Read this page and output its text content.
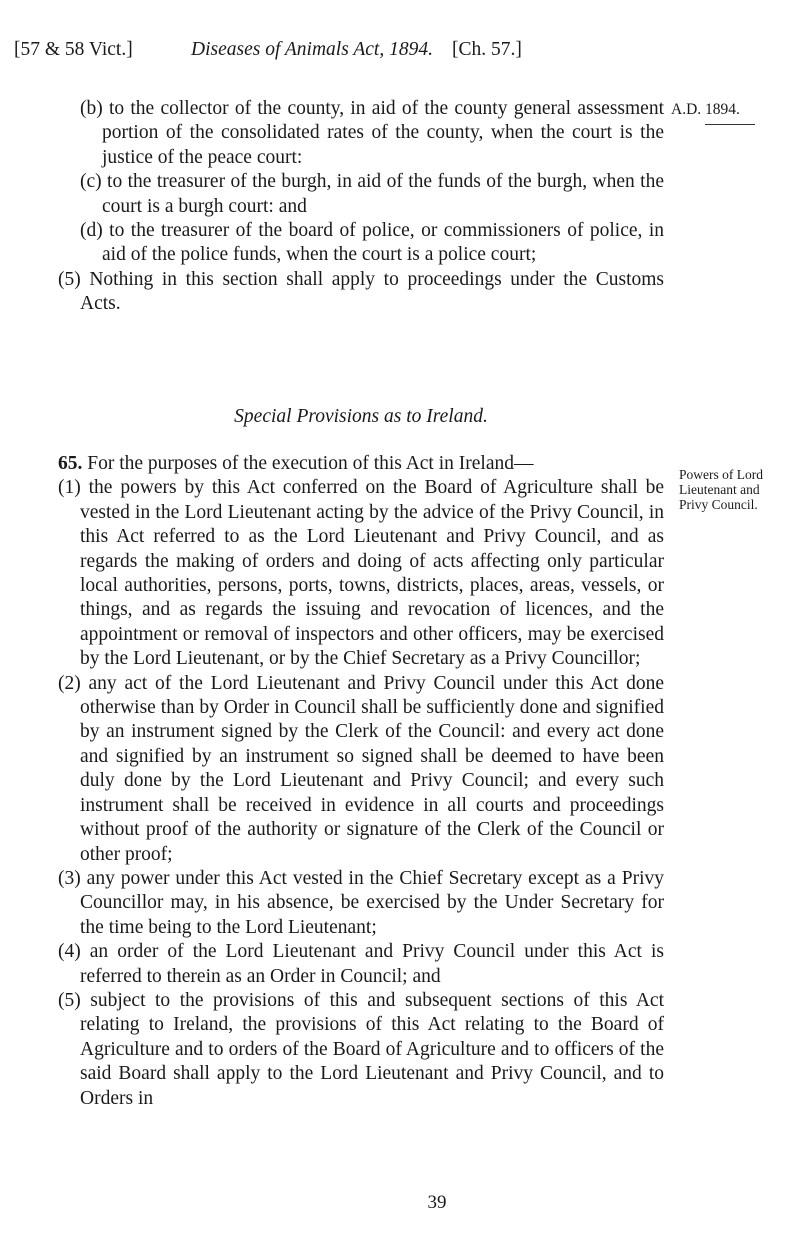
[57 & 58 Vict.]	Diseases of Animals Act, 1894. [Ch. 57.]
A.D. 1894.
Powers of Lord Lieutenant and Privy Council.

(b) to the collector of the county, in aid of the county general assessment portion of the consolidated rates of the county, when the court is the justice of the peace court:

(c) to the treasurer of the burgh, in aid of the funds of the burgh, when the court is a burgh court: and

(d) to the treasurer of the board of police, or commissioners of police, in aid of the police funds, when the court is a police court;

(5) Nothing in this section shall apply to proceedings under the Customs Acts.

Special Provisions as to Ireland.

65. For the purposes of the execution of this Act in Ireland—

(1) the powers by this Act conferred on the Board of Agriculture shall be vested in the Lord Lieutenant acting by the advice of the Privy Council, in this Act referred to as the Lord Lieutenant and Privy Council, and as regards the making of orders and doing of acts affecting only particular local authorities, persons, ports, towns, districts, places, areas, vessels, or things, and as regards the issuing and revocation of licences, and the appointment or removal of inspectors and other officers, may be exercised by the Lord Lieutenant, or by the Chief Secretary as a Privy Councillor;

(2) any act of the Lord Lieutenant and Privy Council under this Act done otherwise than by Order in Council shall be sufficiently done and signified by an instrument signed by the Clerk of the Council: and every act done and signified by an instrument so signed shall be deemed to have been duly done by the Lord Lieutenant and Privy Council; and every such instrument shall be received in evidence in all courts and proceedings without proof of the authority or signature of the Clerk of the Council or other proof;

(3) any power under this Act vested in the Chief Secretary except as a Privy Councillor may, in his absence, be exercised by the Under Secretary for the time being to the Lord Lieutenant;

(4) an order of the Lord Lieutenant and Privy Council under this Act is referred to therein as an Order in Council; and

(5) subject to the provisions of this and subsequent sections of this Act relating to Ireland, the provisions of this Act relating to the Board of Agriculture and to orders of the Board of Agriculture and to officers of the said Board shall apply to the Lord Lieutenant and Privy Council, and to Orders in

39
